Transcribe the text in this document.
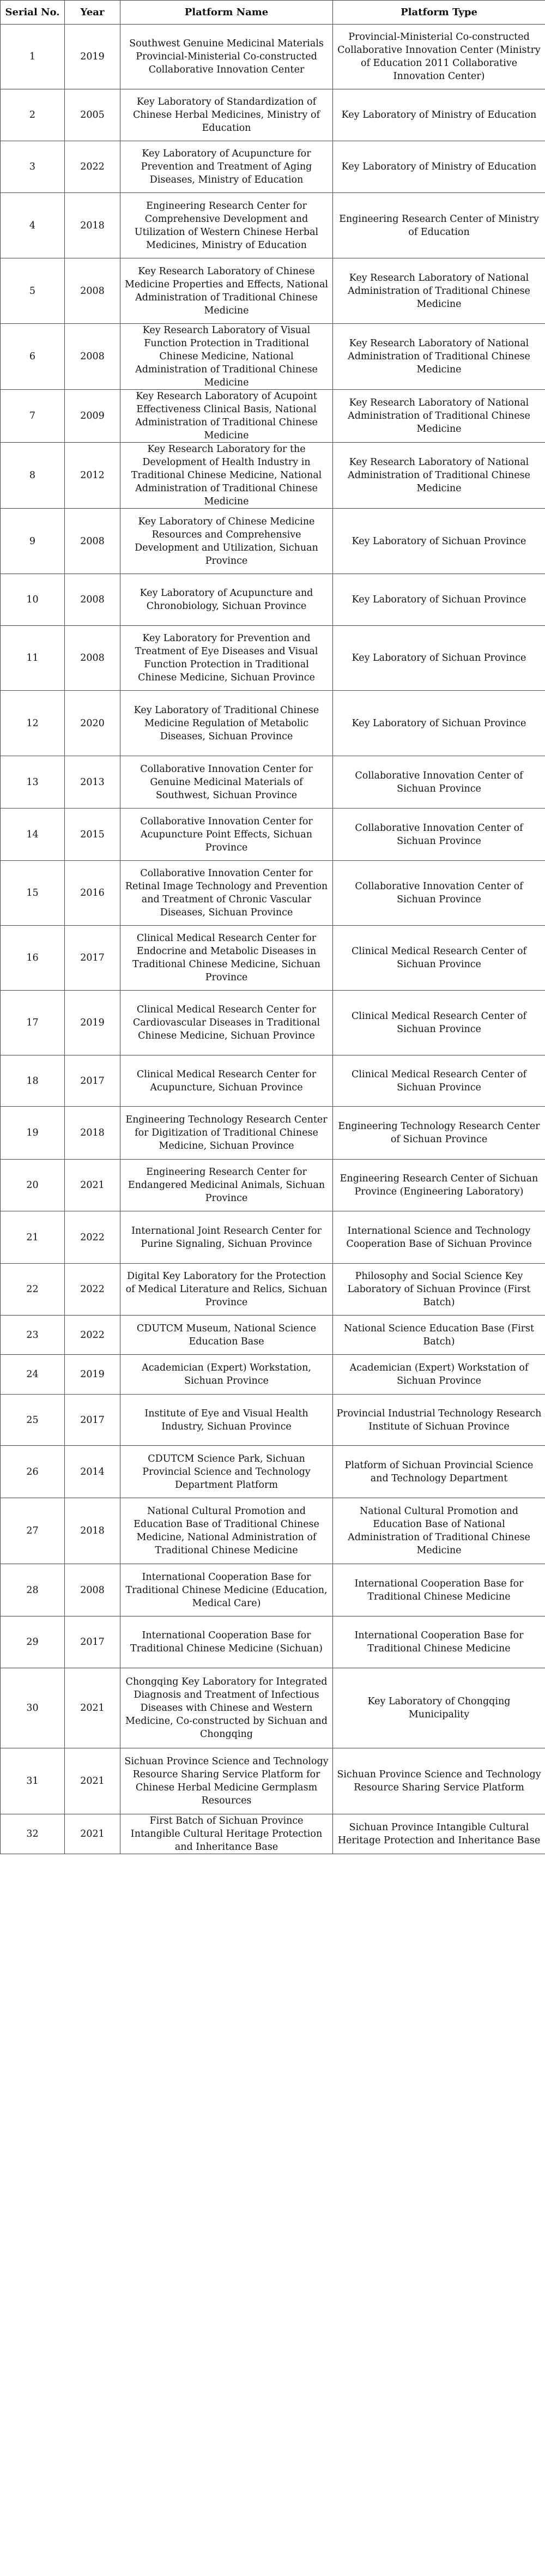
Serial No.	Year	Platform Name	Platform Type
1	2019	Southwest Genuine Medicinal Materials Provincial-Ministerial Co-constructed Collaborative Innovation Center	Provincial-Ministerial Co-constructed Collaborative Innovation Center (Ministry of Education 2011 Collaborative Innovation Center)
2	2005	Key Laboratory of Standardization of Chinese Herbal Medicines, Ministry of Education	Key Laboratory of Ministry of Education
3	2022	Key Laboratory of Acupuncture for Prevention and Treatment of Aging Diseases, Ministry of Education	Key Laboratory of Ministry of Education
4	2018	Engineering Research Center for Comprehensive Development and Utilization of Western Chinese Herbal Medicines, Ministry of Education	Engineering Research Center of Ministry of Education
5	2008	Key Research Laboratory of Chinese Medicine Properties and Effects, National Administration of Traditional Chinese Medicine	Key Research Laboratory of National Administration of Traditional Chinese Medicine
6	2008	Key Research Laboratory of Visual Function Protection in Traditional Chinese Medicine, National Administration of Traditional Chinese Medicine	Key Research Laboratory of National Administration of Traditional Chinese Medicine
7	2009	Key Research Laboratory of Acupoint Effectiveness Clinical Basis, National Administration of Traditional Chinese Medicine	Key Research Laboratory of National Administration of Traditional Chinese Medicine
8	2012	Key Research Laboratory for the Development of Health Industry in Traditional Chinese Medicine, National Administration of Traditional Chinese Medicine	Key Research Laboratory of National Administration of Traditional Chinese Medicine
9	2008	Key Laboratory of Chinese Medicine Resources and Comprehensive Development and Utilization, Sichuan Province	Key Laboratory of Sichuan Province
10	2008	Key Laboratory of Acupuncture and Chronobiology, Sichuan Province	Key Laboratory of Sichuan Province
11	2008	Key Laboratory for Prevention and Treatment of Eye Diseases and Visual Function Protection in Traditional Chinese Medicine, Sichuan Province	Key Laboratory of Sichuan Province
12	2020	Key Laboratory of Traditional Chinese Medicine Regulation of Metabolic Diseases, Sichuan Province	Key Laboratory of Sichuan Province
13	2013	Collaborative Innovation Center for Genuine Medicinal Materials of Southwest, Sichuan Province	Collaborative Innovation Center of Sichuan Province
14	2015	Collaborative Innovation Center for Acupuncture Point Effects, Sichuan Province	Collaborative Innovation Center of Sichuan Province
15	2016	Collaborative Innovation Center for Retinal Image Technology and Prevention and Treatment of Chronic Vascular Diseases, Sichuan Province	Collaborative Innovation Center of Sichuan Province
16	2017	Clinical Medical Research Center for Endocrine and Metabolic Diseases in Traditional Chinese Medicine, Sichuan Province	Clinical Medical Research Center of Sichuan Province
17	2019	Clinical Medical Research Center for Cardiovascular Diseases in Traditional Chinese Medicine, Sichuan Province	Clinical Medical Research Center of Sichuan Province
18	2017	Clinical Medical Research Center for Acupuncture, Sichuan Province	Clinical Medical Research Center of Sichuan Province
19	2018	Engineering Technology Research Center for Digitization of Traditional Chinese Medicine, Sichuan Province	Engineering Technology Research Center of Sichuan Province
20	2021	Engineering Research Center for Endangered Medicinal Animals, Sichuan Province	Engineering Research Center of Sichuan Province (Engineering Laboratory)
21	2022	International Joint Research Center for Purine Signaling, Sichuan Province	International Science and Technology Cooperation Base of Sichuan Province
22	2022	Digital Key Laboratory for the Protection of Medical Literature and Relics, Sichuan Province	Philosophy and Social Science Key Laboratory of Sichuan Province (First Batch)
23	2022	CDUTCM Museum, National Science Education Base	National Science Education Base (First Batch)
24	2019	Academician (Expert) Workstation, Sichuan Province	Academician (Expert) Workstation of Sichuan Province
25	2017	Institute of Eye and Visual Health Industry, Sichuan Province	Provincial Industrial Technology Research Institute of Sichuan Province
26	2014	CDUTCM Science Park, Sichuan Provincial Science and Technology Department Platform	Platform of Sichuan Provincial Science and Technology Department
27	2018	National Cultural Promotion and Education Base of Traditional Chinese Medicine, National Administration of Traditional Chinese Medicine	National Cultural Promotion and Education Base of National Administration of Traditional Chinese Medicine
28	2008	International Cooperation Base for Traditional Chinese Medicine (Education, Medical Care)	International Cooperation Base for Traditional Chinese Medicine
29	2017	International Cooperation Base for Traditional Chinese Medicine (Sichuan)	International Cooperation Base for Traditional Chinese Medicine
30	2021	Chongqing Key Laboratory for Integrated Diagnosis and Treatment of Infectious Diseases with Chinese and Western Medicine, Co-constructed by Sichuan and Chongqing	Key Laboratory of Chongqing Municipality
31	2021	Sichuan Province Science and Technology Resource Sharing Service Platform for Chinese Herbal Medicine Germplasm Resources	Sichuan Province Science and Technology Resource Sharing Service Platform
32	2021	First Batch of Sichuan Province Intangible Cultural Heritage Protection and Inheritance Base	Sichuan Province Intangible Cultural Heritage Protection and Inheritance Base
